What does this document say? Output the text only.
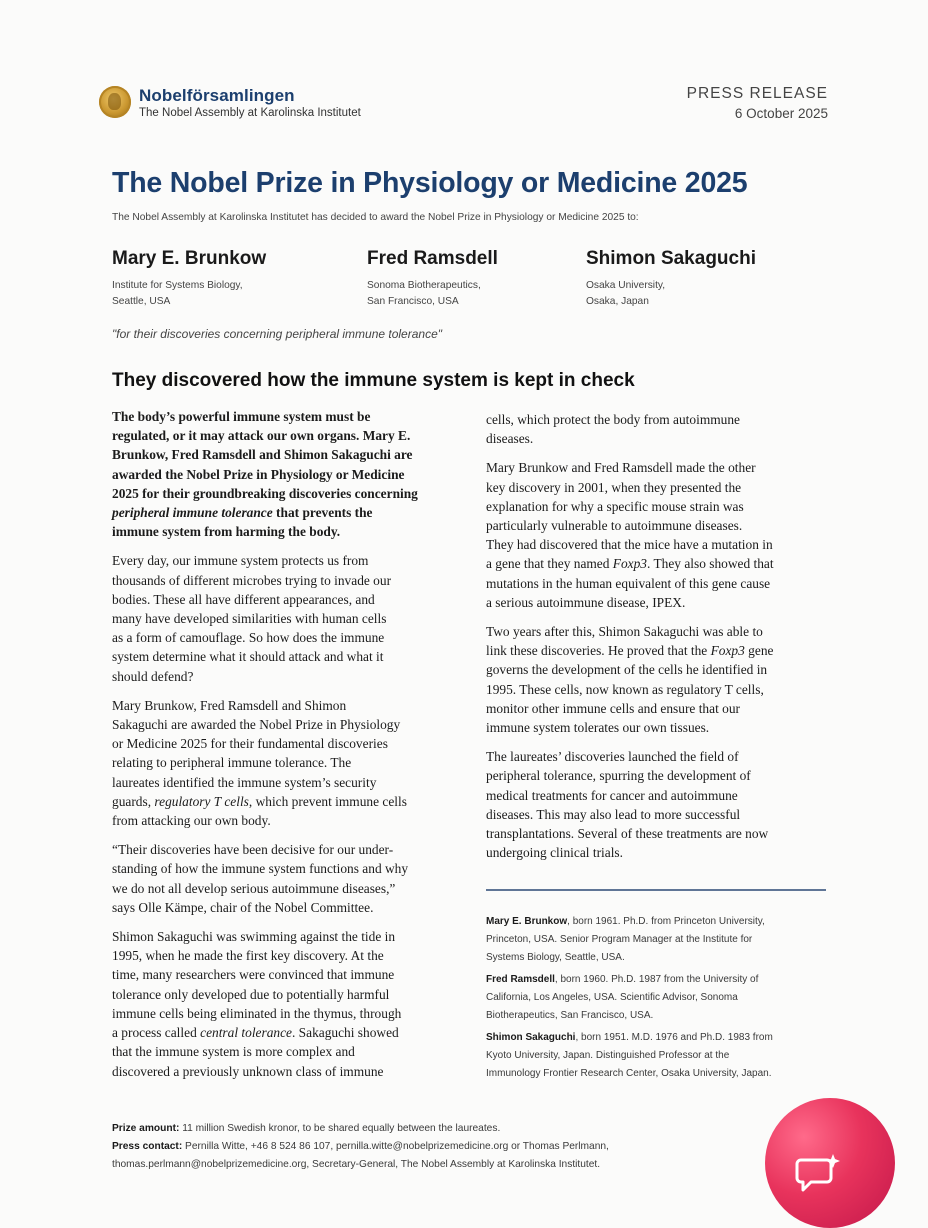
Nobelförsamlingen
The Nobel Assembly at Karolinska Institutet
PRESS RELEASE
6 October 2025
The Nobel Prize in Physiology or Medicine 2025
The Nobel Assembly at Karolinska Institutet has decided to award the Nobel Prize in Physiology or Medicine 2025 to:
Mary E. Brunkow
Institute for Systems Biology,
Seattle, USA
Fred Ramsdell
Sonoma Biotherapeutics,
San Francisco, USA
Shimon Sakaguchi
Osaka University,
Osaka, Japan
"for their discoveries concerning peripheral immune tolerance"
They discovered how the immune system is kept in check

The body’s powerful immune system must be
regulated, or it may attack our own organs. Mary E.
Brunkow, Fred Ramsdell and Shimon Sakaguchi are
awarded the Nobel Prize in Physiology or Medicine
2025 for their groundbreaking discoveries concerning
peripheral immune tolerance that prevents the
immune system from harming the body.

Every day, our immune system protects us from
thousands of different microbes trying to invade our
bodies. These all have different appearances, and
many have developed similarities with human cells
as a form of camouflage. So how does the immune
system determine what it should attack and what it
should defend?

Mary Brunkow, Fred Ramsdell and Shimon
Sakaguchi are awarded the Nobel Prize in Physiology
or Medicine 2025 for their fundamental discoveries
relating to peripheral immune tolerance. The
laureates identified the immune system’s security
guards, regulatory T cells, which prevent immune cells
from attacking our own body.

“Their discoveries have been decisive for our under-
standing of how the immune system functions and why
we do not all develop serious autoimmune diseases,”
says Olle Kämpe, chair of the Nobel Committee.

Shimon Sakaguchi was swimming against the tide in
1995, when he made the first key discovery. At the
time, many researchers were convinced that immune
tolerance only developed due to potentially harmful
immune cells being eliminated in the thymus, through
a process called central tolerance. Sakaguchi showed
that the immune system is more complex and
discovered a previously unknown class of immune

cells, which protect the body from autoimmune
diseases.

Mary Brunkow and Fred Ramsdell made the other
key discovery in 2001, when they presented the
explanation for why a specific mouse strain was
particularly vulnerable to autoimmune diseases.
They had discovered that the mice have a mutation in
a gene that they named Foxp3. They also showed that
mutations in the human equivalent of this gene cause
a serious autoimmune disease, IPEX.

Two years after this, Shimon Sakaguchi was able to
link these discoveries. He proved that the Foxp3 gene
governs the development of the cells he identified in
1995. These cells, now known as regulatory T cells,
monitor other immune cells and ensure that our
immune system tolerates our own tissues.

The laureates’ discoveries launched the field of
peripheral tolerance, spurring the development of
medical treatments for cancer and autoimmune
diseases. This may also lead to more successful
transplantations. Several of these treatments are now
undergoing clinical trials.

Mary E. Brunkow, born 1961. Ph.D. from Princeton University,
Princeton, USA. Senior Program Manager at the Institute for
Systems Biology, Seattle, USA.
Fred Ramsdell, born 1960. Ph.D. 1987 from the University of
California, Los Angeles, USA. Scientific Advisor, Sonoma
Biotherapeutics, San Francisco, USA.
Shimon Sakaguchi, born 1951. M.D. 1976 and Ph.D. 1983 from
Kyoto University, Japan. Distinguished Professor at the
Immunology Frontier Research Center, Osaka University, Japan.
Prize amount: 11 million Swedish kronor, to be shared equally between the laureates.
Press contact: Pernilla Witte, +46 8 524 86 107, pernilla.witte@nobelprizemedicine.org or Thomas Perlmann,
thomas.perlmann@nobelprizemedicine.org, Secretary-General, The Nobel Assembly at Karolinska Institutet.
